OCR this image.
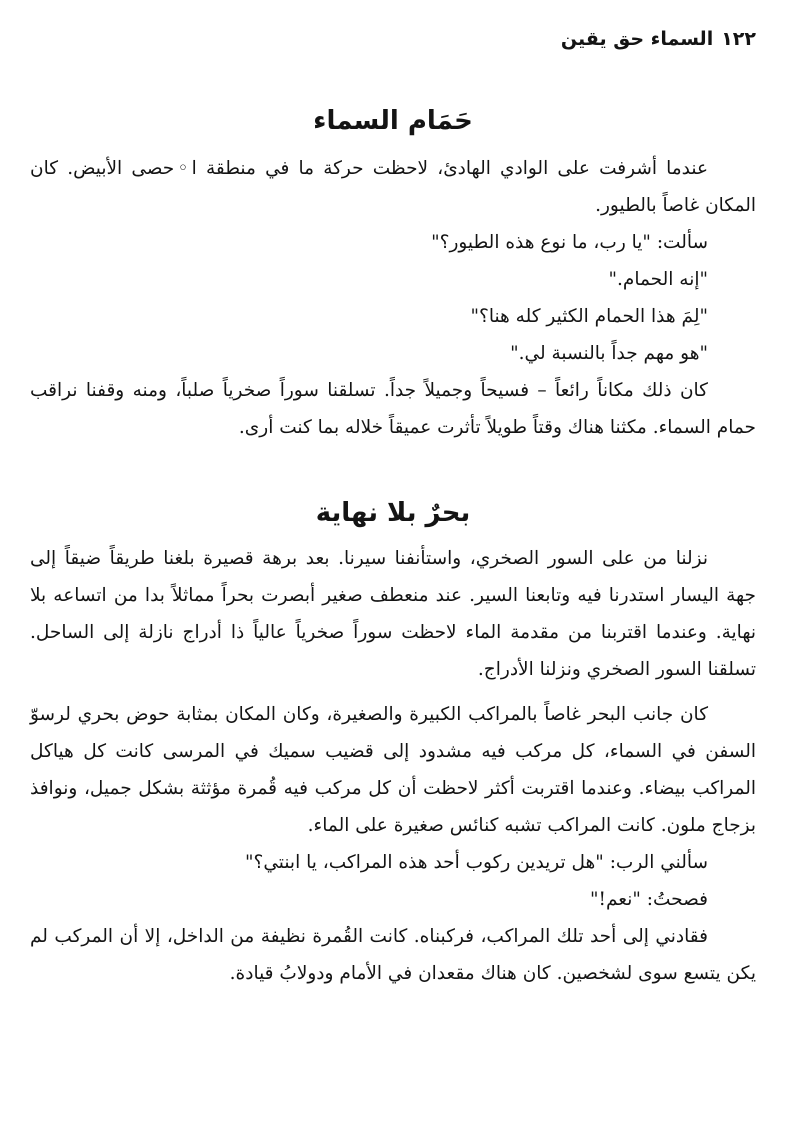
١٢٢
السماء حق يقين
حَمَام السماء

عندما أشرفت على الوادي الهادئ، لاحظت حركة ما في منطقة ا◦حصى الأبيض. كان المكان غاصاً بالطيور.

سألت: "يا رب، ما نوع هذه الطيور؟"

"إنه الحمام."

"لِمَ هذا الحمام الكثير كله هنا؟"

"هو مهم جداً بالنسبة لي."

كان ذلك مكاناً رائعاً – فسيحاً وجميلاً جداً. تسلقنا سوراً صخرياً صلباً، ومنه وقفنا نراقب حمام السماء. مكثنا هناك وقتاً طويلاً تأثرت عميقاً خلاله بما كنت أرى.

بحرٌ بلا نهاية

نزلنا من على السور الصخري، واستأنفنا سيرنا. بعد برهة قصيرة بلغنا طريقاً ضيقاً إلى جهة اليسار استدرنا فيه وتابعنا السير. عند منعطف صغير أبصرت بحراً مماثلاً بدا من اتساعه بلا نهاية. وعندما اقتربنا من مقدمة الماء لاحظت سوراً صخرياً عالياً ذا أدراج نازلة إلى الساحل. تسلقنا السور الصخري ونزلنا الأدراج.

كان جانب البحر غاصاً بالمراكب الكبيرة والصغيرة، وكان المكان بمثابة حوض بحري لرسوّ السفن في السماء، كل مركب فيه مشدود إلى قضيب سميك في المرسى كانت كل هياكل المراكب بيضاء. وعندما اقتربت أكثر لاحظت أن كل مركب فيه قُمرة مؤثثة بشكل جميل، ونوافذ بزجاج ملون. كانت المراكب تشبه كنائس صغيرة على الماء.

سألني الرب: "هل تريدين ركوب أحد هذه المراكب، يا ابنتي؟"

فصحتُ: "نعم!"

فقادني إلى أحد تلك المراكب، فركبناه. كانت القُمرة نظيفة من الداخل، إلا أن المركب لم يكن يتسع سوى لشخصين. كان هناك مقعدان في الأمام ودولابُ قيادة.
